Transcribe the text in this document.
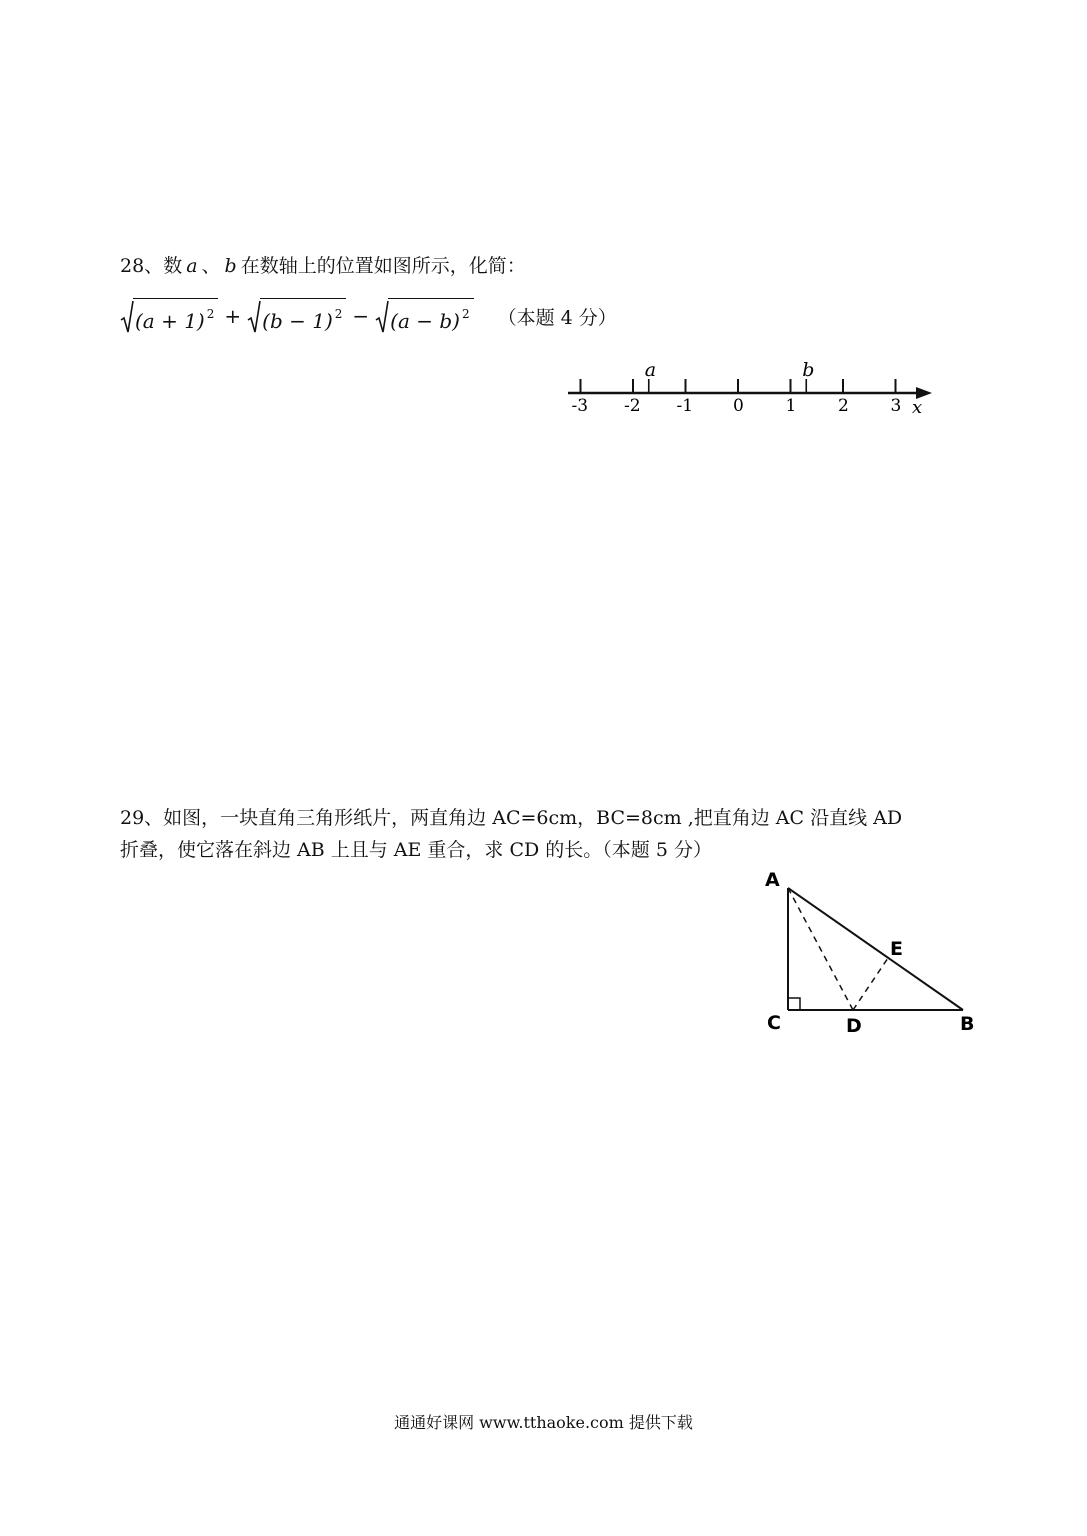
28、数 a 、 b 在数轴上的位置如图所示，化简：
(a + 1) $^2$ + (b − 1) $^2$ − (a − b) $^2$ （本题 4 分）
-3 -2 -1 0 1 2 3
a	b
x
29、如图，一块直角三角形纸片，两直角边 AC=6cm，BC=8cm ,把直角边 AC 沿直线 AD
折叠，使它落在斜边 AB 上且与 AE 重合，求 CD 的长。（本题 5 分）
A
C	D
E
B
通通好课网 www.tthaoke.com 提供下载
